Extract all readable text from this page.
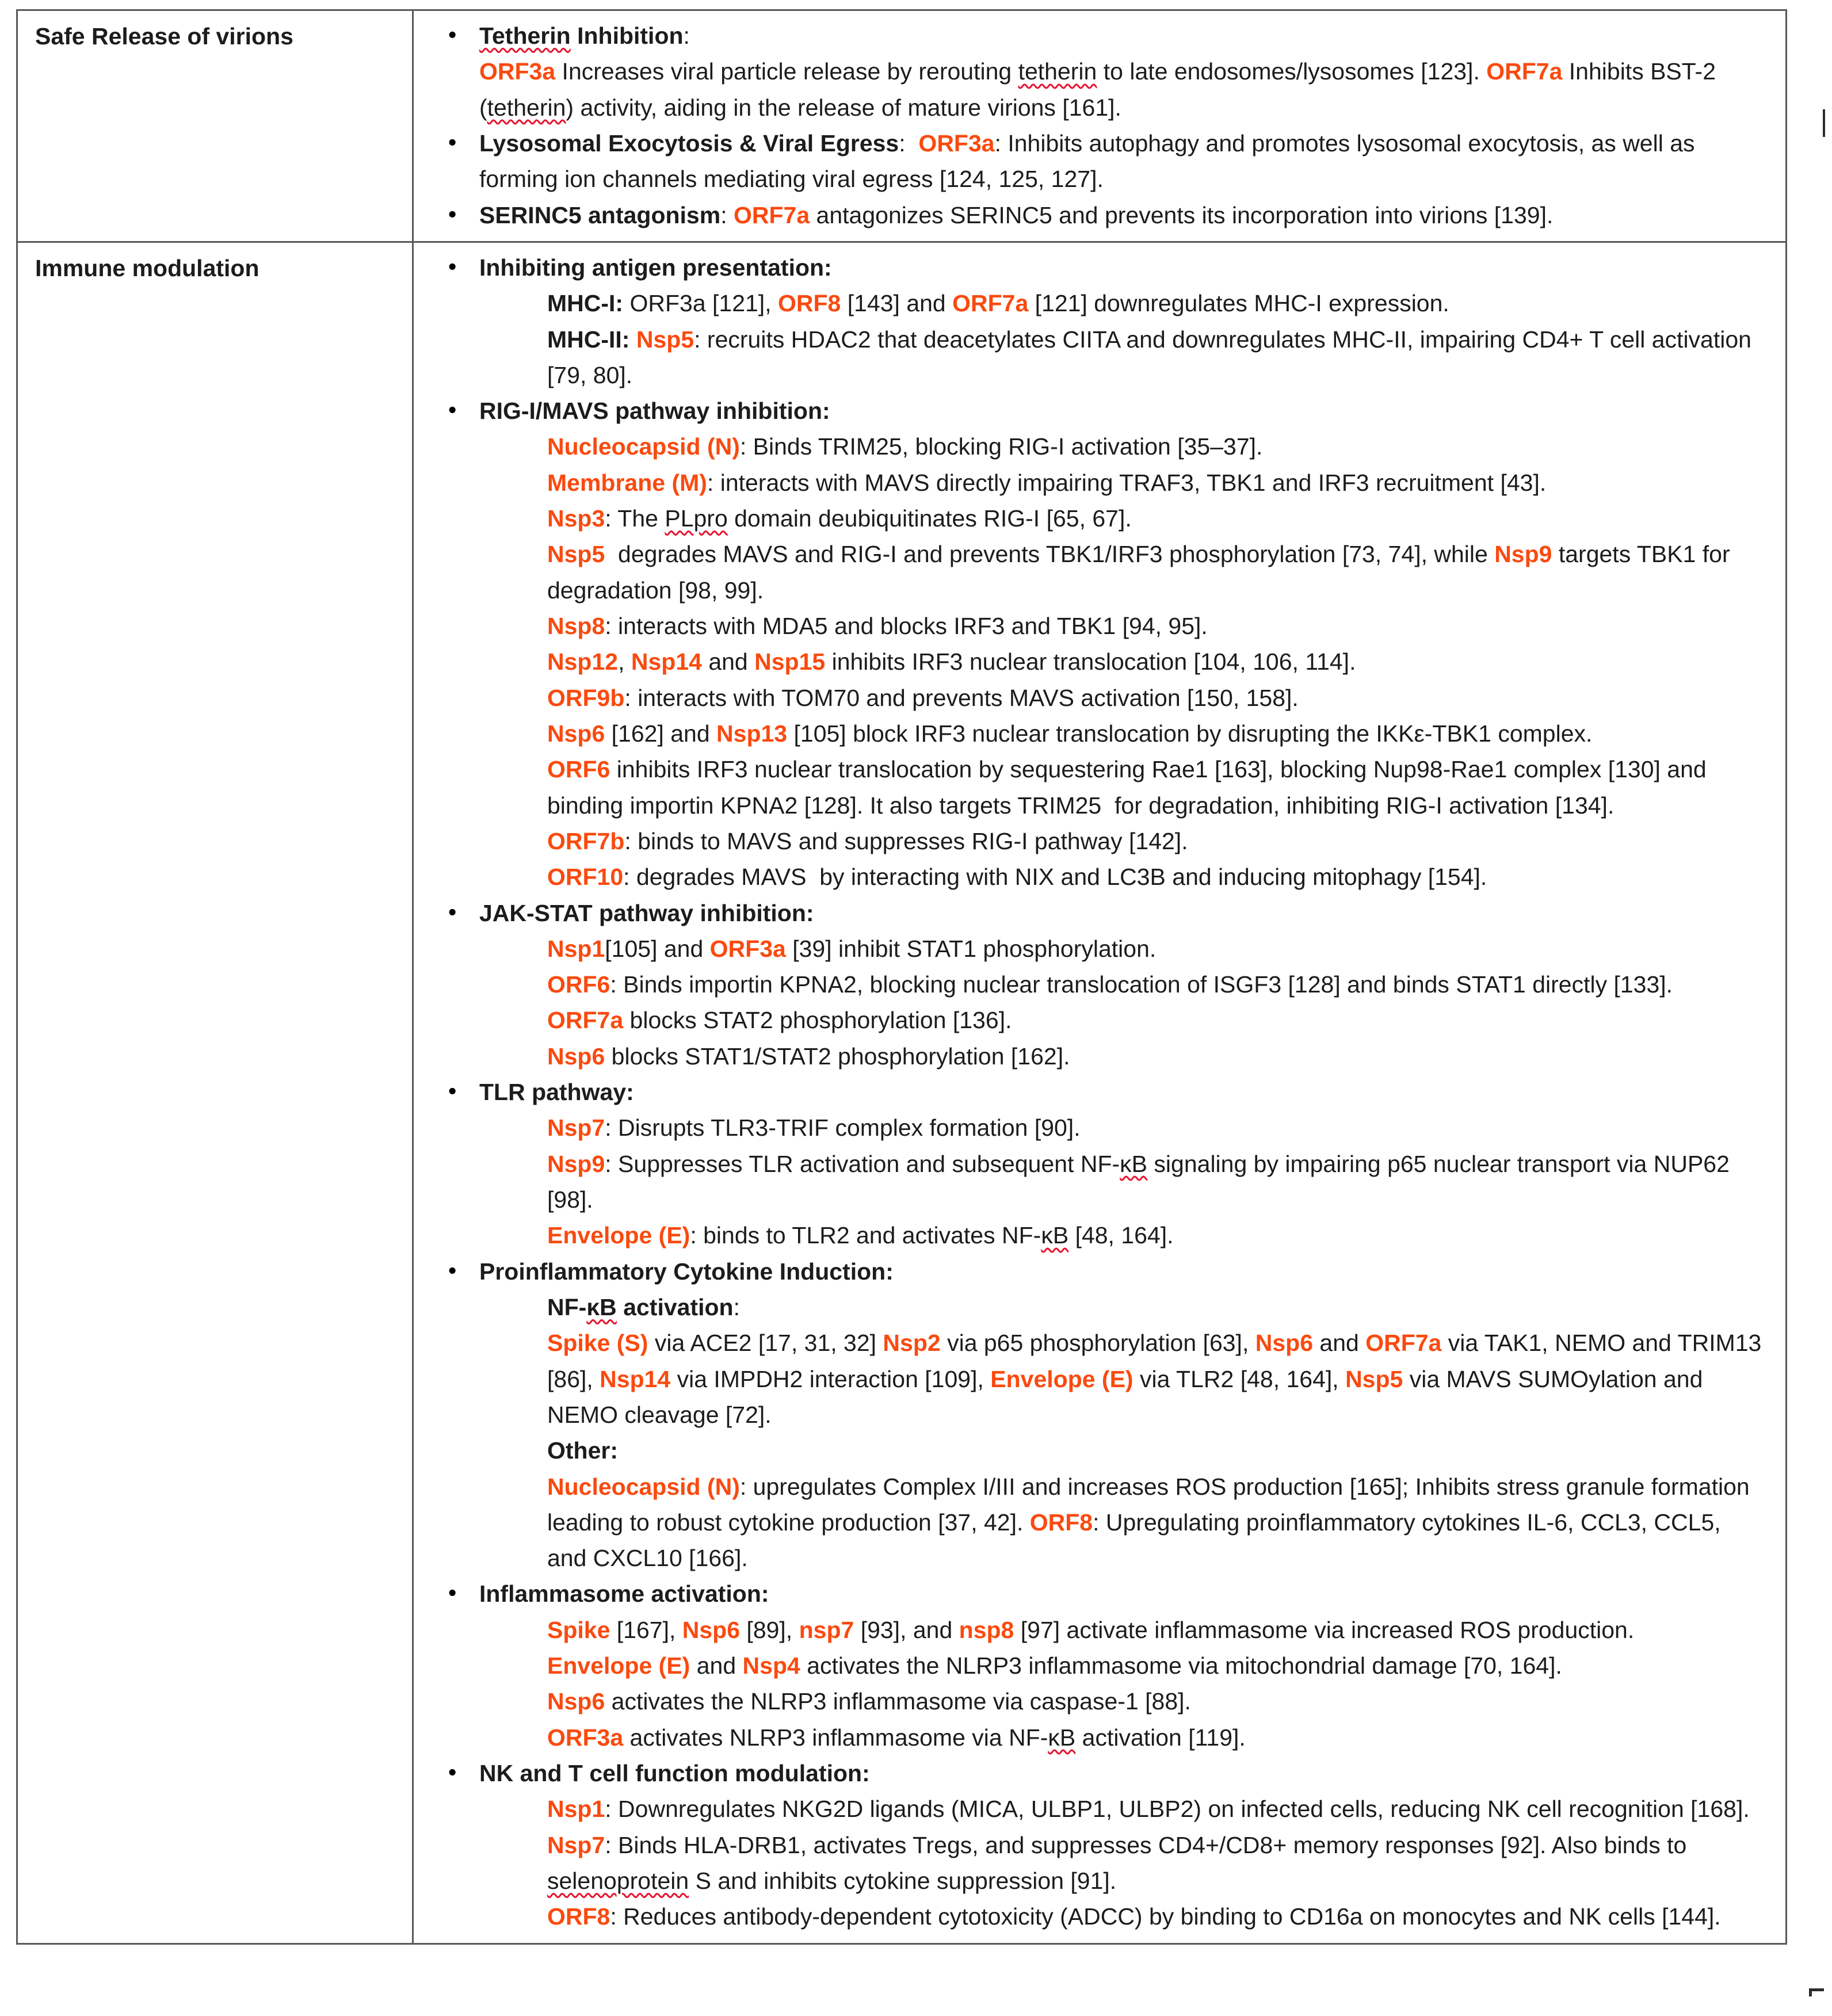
Safe Release of virions	• Tetherin Inhibition:
ORF3a Increases viral particle release by rerouting tetherin to late endosomes/lysosomes [123]. ORF7a Inhibits BST-2 (tetherin) activity, aiding in the release of mature virions [161].
• Lysosomal Exocytosis & Viral Egress:  ORF3a: Inhibits autophagy and promotes lysosomal exocytosis, as well as forming ion channels mediating viral egress [124, 125, 127].
• SERINC5 antagonism: ORF7a antagonizes SERINC5 and prevents its incorporation into virions [139].
Immune modulation	• Inhibiting antigen presentation:
MHC-I: ORF3a [121], ORF8 [143] and ORF7a [121] downregulates MHC-I expression.
MHC-II: Nsp5: recruits HDAC2 that deacetylates CIITA and downregulates MHC-II, impairing CD4+ T cell activation [79, 80].
• RIG-I/MAVS pathway inhibition:
Nucleocapsid (N): Binds TRIM25, blocking RIG-I activation [35–37].
Membrane (M): interacts with MAVS directly impairing TRAF3, TBK1 and IRF3 recruitment [43].
Nsp3: The PLpro domain deubiquitinates RIG-I [65, 67].
Nsp5  degrades MAVS and RIG-I and prevents TBK1/IRF3 phosphorylation [73, 74], while Nsp9 targets TBK1 for degradation [98, 99].
Nsp8: interacts with MDA5 and blocks IRF3 and TBK1 [94, 95].
Nsp12, Nsp14 and Nsp15 inhibits IRF3 nuclear translocation [104, 106, 114].
ORF9b: interacts with TOM70 and prevents MAVS activation [150, 158].
Nsp6 [162] and Nsp13 [105] block IRF3 nuclear translocation by disrupting the IKKε-TBK1 complex.
ORF6 inhibits IRF3 nuclear translocation by sequestering Rae1 [163], blocking Nup98-Rae1 complex [130] and binding importin KPNA2 [128]. It also targets TRIM25  for degradation, inhibiting RIG-I activation [134].
ORF7b: binds to MAVS and suppresses RIG-I pathway [142].
ORF10: degrades MAVS  by interacting with NIX and LC3B and inducing mitophagy [154].
• JAK-STAT pathway inhibition:
Nsp1[105] and ORF3a [39] inhibit STAT1 phosphorylation.
ORF6: Binds importin KPNA2, blocking nuclear translocation of ISGF3 [128] and binds STAT1 directly [133].
ORF7a blocks STAT2 phosphorylation [136].
Nsp6 blocks STAT1/STAT2 phosphorylation [162].
• TLR pathway:
Nsp7: Disrupts TLR3-TRIF complex formation [90].
Nsp9: Suppresses TLR activation and subsequent NF-κB signaling by impairing p65 nuclear transport via NUP62 [98].
Envelope (E): binds to TLR2 and activates NF-κB [48, 164].
• Proinflammatory Cytokine Induction:
NF-κB activation:
Spike (S) via ACE2 [17, 31, 32] Nsp2 via p65 phosphorylation [63], Nsp6 and ORF7a via TAK1, NEMO and TRIM13 [86], Nsp14 via IMPDH2 interaction [109], Envelope (E) via TLR2 [48, 164], Nsp5 via MAVS SUMOylation and NEMO cleavage [72].
Other:
Nucleocapsid (N): upregulates Complex I/III and increases ROS production [165]; Inhibits stress granule formation leading to robust cytokine production [37, 42]. ORF8: Upregulating proinflammatory cytokines IL-6, CCL3, CCL5, and CXCL10 [166].
• Inflammasome activation:
Spike [167], Nsp6 [89], nsp7 [93], and nsp8 [97] activate inflammasome via increased ROS production.
Envelope (E) and Nsp4 activates the NLRP3 inflammasome via mitochondrial damage [70, 164].
Nsp6 activates the NLRP3 inflammasome via caspase-1 [88].
ORF3a activates NLRP3 inflammasome via NF-κB activation [119].
• NK and T cell function modulation:
Nsp1: Downregulates NKG2D ligands (MICA, ULBP1, ULBP2) on infected cells, reducing NK cell recognition [168].
Nsp7: Binds HLA-DRB1, activates Tregs, and suppresses CD4+/CD8+ memory responses [92]. Also binds to selenoprotein S and inhibits cytokine suppression [91].
ORF8: Reduces antibody-dependent cytotoxicity (ADCC) by binding to CD16a on monocytes and NK cells [144].
